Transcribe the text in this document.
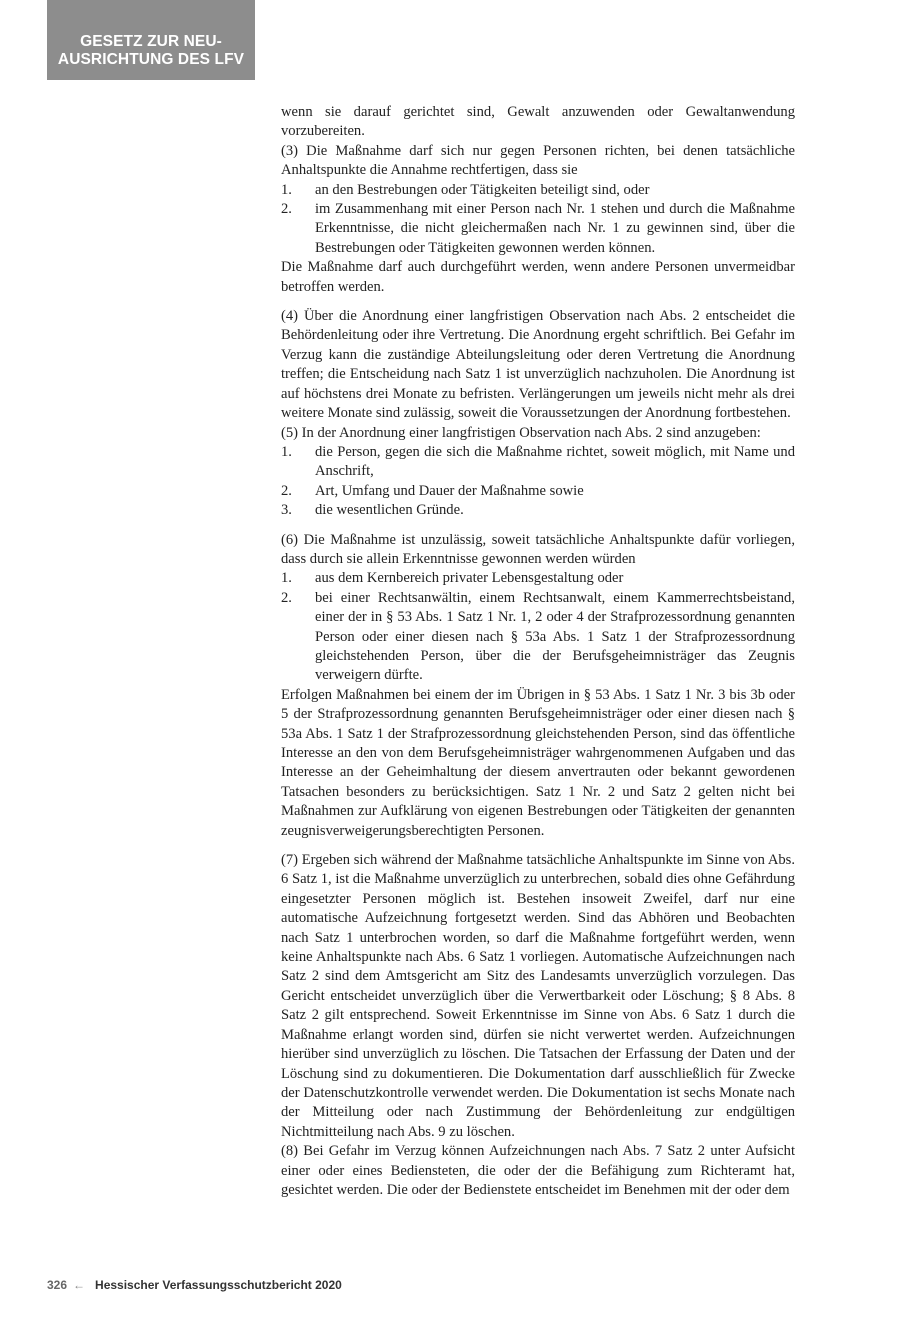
GESETZ ZUR NEU-
AUSRICHTUNG DES LFV

wenn sie darauf gerichtet sind, Gewalt anzuwenden oder Gewaltanwendung vorzubereiten.

(3) Die Maßnahme darf sich nur gegen Personen richten, bei denen tatsächliche Anhaltspunkte die Annahme rechtfertigen, dass sie

1.	an den Bestrebungen oder Tätigkeiten beteiligt sind, oder
2.	im Zusammenhang mit einer Person nach Nr. 1 stehen und durch die Maßnahme Erkenntnisse, die nicht gleichermaßen nach Nr. 1 zu gewinnen sind, über die Bestrebungen oder Tätigkeiten gewonnen werden können.

Die Maßnahme darf auch durchgeführt werden, wenn andere Personen unvermeidbar betroffen werden.

(4) Über die Anordnung einer langfristigen Observation nach Abs. 2 entscheidet die Behördenleitung oder ihre Vertretung. Die Anordnung ergeht schriftlich. Bei Gefahr im Verzug kann die zuständige Abteilungsleitung oder deren Vertretung die Anordnung treffen; die Entscheidung nach Satz 1 ist unverzüglich nachzuholen. Die Anordnung ist auf höchstens drei Monate zu befristen. Verlängerungen um jeweils nicht mehr als drei weitere Monate sind zulässig, soweit die Voraussetzungen der Anordnung fortbestehen.

(5) In der Anordnung einer langfristigen Observation nach Abs. 2 sind anzugeben:

1.	die Person, gegen die sich die Maßnahme richtet, soweit möglich, mit Name und Anschrift,
2.	Art, Umfang und Dauer der Maßnahme sowie
3.	die wesentlichen Gründe.

(6) Die Maßnahme ist unzulässig, soweit tatsächliche Anhaltspunkte dafür vorliegen, dass durch sie allein Erkenntnisse gewonnen werden würden

1.	aus dem Kernbereich privater Lebensgestaltung oder
2.	bei einer Rechtsanwältin, einem Rechtsanwalt, einem Kammerrechtsbeistand, einer der in § 53 Abs. 1 Satz 1 Nr. 1, 2 oder 4 der Strafprozessordnung genannten Person oder einer diesen nach § 53a Abs. 1 Satz 1 der Strafprozessordnung gleichstehenden Person, über die der Berufsgeheimnisträger das Zeugnis verweigern dürfte.

Erfolgen Maßnahmen bei einem der im Übrigen in § 53 Abs. 1 Satz 1 Nr. 3 bis 3b oder 5 der Strafprozessordnung genannten Berufsgeheimnisträger oder einer diesen nach § 53a Abs. 1 Satz 1 der Strafprozessordnung gleichstehenden Person, sind das öffentliche Interesse an den von dem Berufsgeheimnisträger wahrgenommenen Aufgaben und das Interesse an der Geheimhaltung der diesem anvertrauten oder bekannt gewordenen Tatsachen besonders zu berücksichtigen. Satz 1 Nr. 2 und Satz 2 gelten nicht bei Maßnahmen zur Aufklärung von eigenen Bestrebungen oder Tätigkeiten der genannten zeugnisverweigerungsberechtigten Personen.

(7) Ergeben sich während der Maßnahme tatsächliche Anhaltspunkte im Sinne von Abs. 6 Satz 1, ist die Maßnahme unverzüglich zu unterbrechen, sobald dies ohne Gefährdung eingesetzter Personen möglich ist. Bestehen insoweit Zweifel, darf nur eine automatische Aufzeichnung fortgesetzt werden. Sind das Abhören und Beobachten nach Satz 1 unterbrochen worden, so darf die Maßnahme fortgeführt werden, wenn keine Anhaltspunkte nach Abs. 6 Satz 1 vorliegen. Automatische Aufzeichnungen nach Satz 2 sind dem Amtsgericht am Sitz des Landesamts unverzüglich vorzulegen. Das Gericht entscheidet unverzüglich über die Verwertbarkeit oder Löschung; § 8 Abs. 8 Satz 2 gilt entsprechend. Soweit Erkenntnisse im Sinne von Abs. 6 Satz 1 durch die Maßnahme erlangt worden sind, dürfen sie nicht verwertet werden. Aufzeichnungen hierüber sind unverzüglich zu löschen. Die Tatsachen der Erfassung der Daten und der Löschung sind zu dokumentieren. Die Dokumentation darf ausschließlich für Zwecke der Datenschutzkontrolle verwendet werden. Die Dokumentation ist sechs Monate nach der Mitteilung oder nach Zustimmung der Behördenleitung zur endgültigen Nichtmitteilung nach Abs. 9 zu löschen.

(8) Bei Gefahr im Verzug können Aufzeichnungen nach Abs. 7 Satz 2 unter Aufsicht einer oder eines Bediensteten, die oder der die Befähigung zum Richteramt hat, gesichtet werden. Die oder der Bedienstete entscheidet im Benehmen mit der oder dem

326 ← Hessischer Verfassungsschutzbericht 2020
